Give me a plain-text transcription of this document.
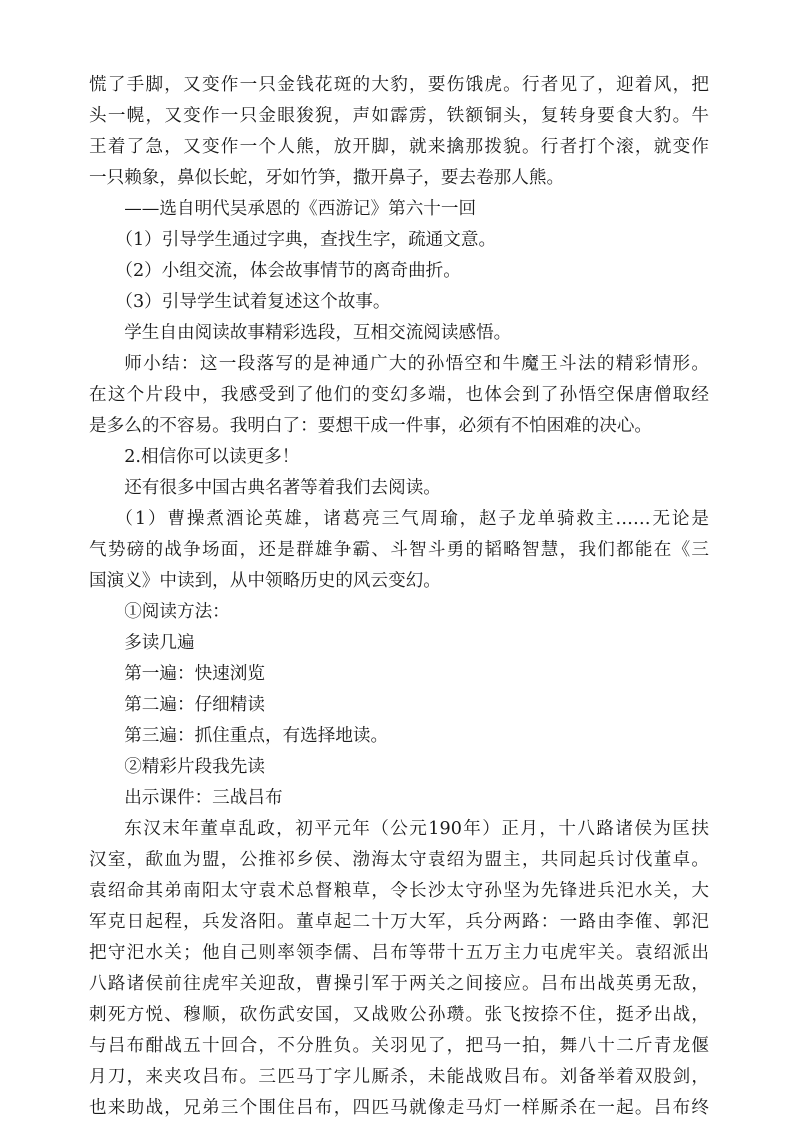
慌了手脚，又变作一只金钱花斑的大豹，要伤饿虎。行者见了，迎着风，把

头一幌，又变作一只金眼狻猊，声如霹雳，铁额铜头，复转身要食大豹。牛

王着了急，又变作一个人熊，放开脚，就来擒那拨貌。行者打个滚，就变作

一只赖象，鼻似长蛇，牙如竹笋，撒开鼻子，要去卷那人熊。

——选自明代吴承恩的《西游记》第六十一回

（1）引导学生通过字典，查找生字，疏通文意。

（2）小组交流，体会故事情节的离奇曲折。

（3）引导学生试着复述这个故事。

学生自由阅读故事精彩选段，互相交流阅读感悟。

师小结：这一段落写的是神通广大的孙悟空和牛魔王斗法的精彩情形。

在这个片段中，我感受到了他们的变幻多端，也体会到了孙悟空保唐僧取经

是多么的不容易。我明白了：要想干成一件事，必须有不怕困难的决心。

2.相信你可以读更多！

还有很多中国古典名著等着我们去阅读。

（1）曹操煮酒论英雄，诸葛亮三气周瑜，赵子龙单骑救主……无论是

气势磅的战争场面，还是群雄争霸、斗智斗勇的韬略智慧，我们都能在《三

国演义》中读到，从中领略历史的风云变幻。

①阅读方法：

多读几遍

第一遍：快速浏览

第二遍：仔细精读

第三遍：抓住重点，有选择地读。

②精彩片段我先读

出示课件：三战吕布

东汉末年董卓乱政，初平元年（公元190年）正月，十八路诸侯为匡扶

汉室，歃血为盟，公推祁乡侯、渤海太守袁绍为盟主，共同起兵讨伐董卓。

袁绍命其弟南阳太守袁术总督粮草，令长沙太守孙坚为先锋进兵汜水关，大

军克日起程，兵发洛阳。董卓起二十万大军，兵分两路：一路由李傕、郭汜

把守汜水关；他自己则率领李儒、吕布等带十五万主力屯虎牢关。袁绍派出

八路诸侯前往虎牢关迎敌，曹操引军于两关之间接应。吕布出战英勇无敌，

刺死方悦、穆顺，砍伤武安国，又战败公孙瓒。张飞按捺不住，挺矛出战，

与吕布酣战五十回合，不分胜负。关羽见了，把马一拍，舞八十二斤青龙偃

月刀，来夹攻吕布。三匹马丁字儿厮杀，未能战败吕布。刘备举着双股剑，

也来助战，兄弟三个围住吕布，四匹马就像走马灯一样厮杀在一起。吕布终
